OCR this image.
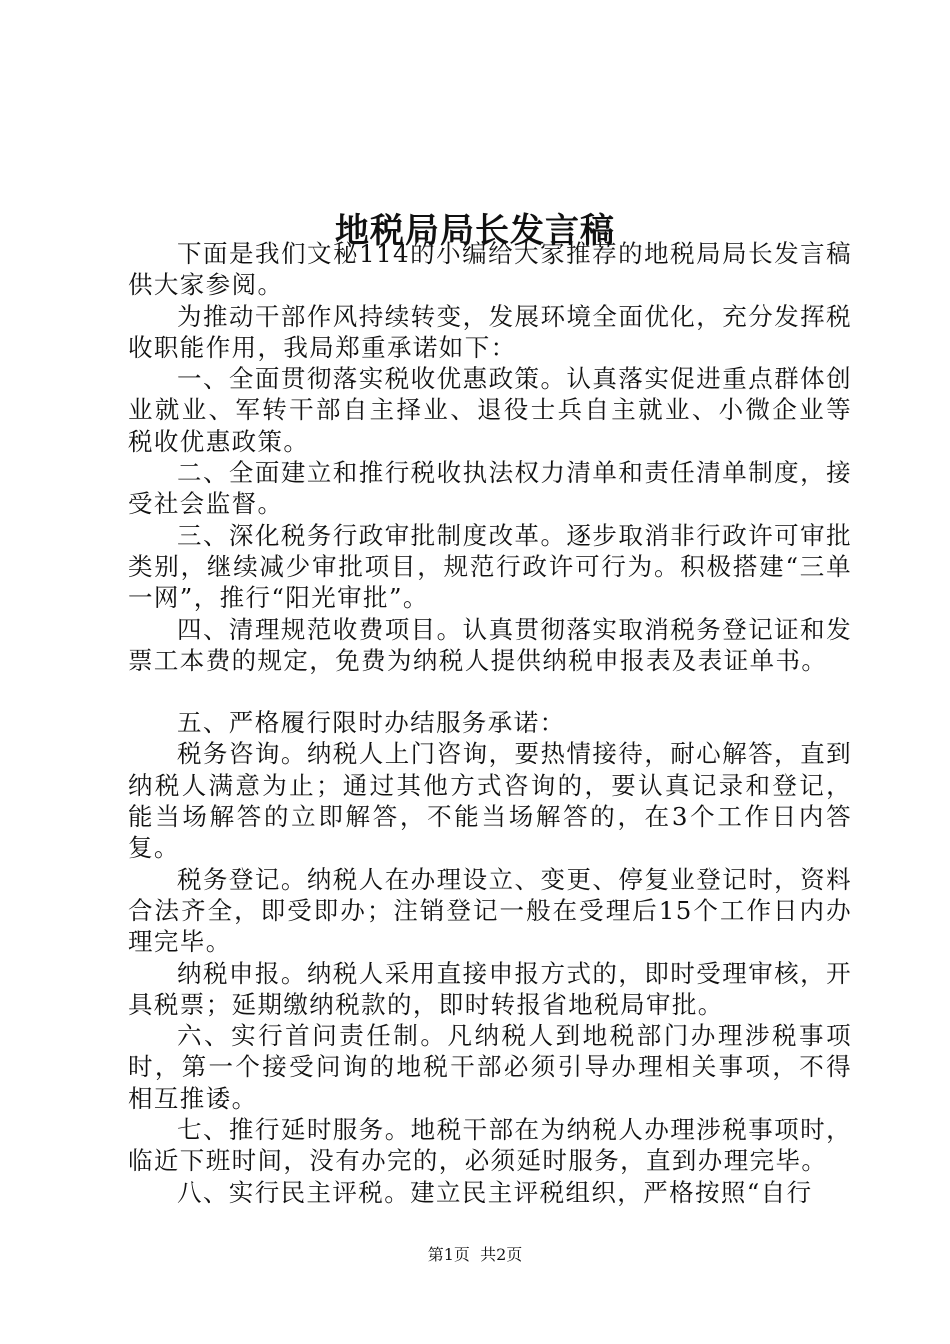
地税局局长发言稿

下面是我们文秘114的小编给大家推荐的地税局局长发言稿供大家参阅。

为推动干部作风持续转变，发展环境全面优化，充分发挥税收职能作用，我局郑重承诺如下：

一、全面贯彻落实税收优惠政策。认真落实促进重点群体创业就业、军转干部自主择业、退役士兵自主就业、小微企业等税收优惠政策。

二、全面建立和推行税收执法权力清单和责任清单制度，接受社会监督。

三、深化税务行政审批制度改革。逐步取消非行政许可审批类别，继续减少审批项目，规范行政许可行为。积极搭建“三单一网”，推行“阳光审批”。

四、清理规范收费项目。认真贯彻落实取消税务登记证和发票工本费的规定，免费为纳税人提供纳税申报表及表证单书。

五、严格履行限时办结服务承诺：

税务咨询。纳税人上门咨询，要热情接待，耐心解答，直到纳税人满意为止；通过其他方式咨询的，要认真记录和登记，能当场解答的立即解答，不能当场解答的，在3个工作日内答复。

税务登记。纳税人在办理设立、变更、停复业登记时，资料合法齐全，即受即办；注销登记一般在受理后15个工作日内办理完毕。

纳税申报。纳税人采用直接申报方式的，即时受理审核，开具税票；延期缴纳税款的，即时转报省地税局审批。

六、实行首问责任制。凡纳税人到地税部门办理涉税事项时，第一个接受问询的地税干部必须引导办理相关事项，不得相互推诿。

七、推行延时服务。地税干部在为纳税人办理涉税事项时，临近下班时间，没有办完的，必须延时服务，直到办理完毕。

八、实行民主评税。建立民主评税组织，严格按照“自行

第1页 共2页
